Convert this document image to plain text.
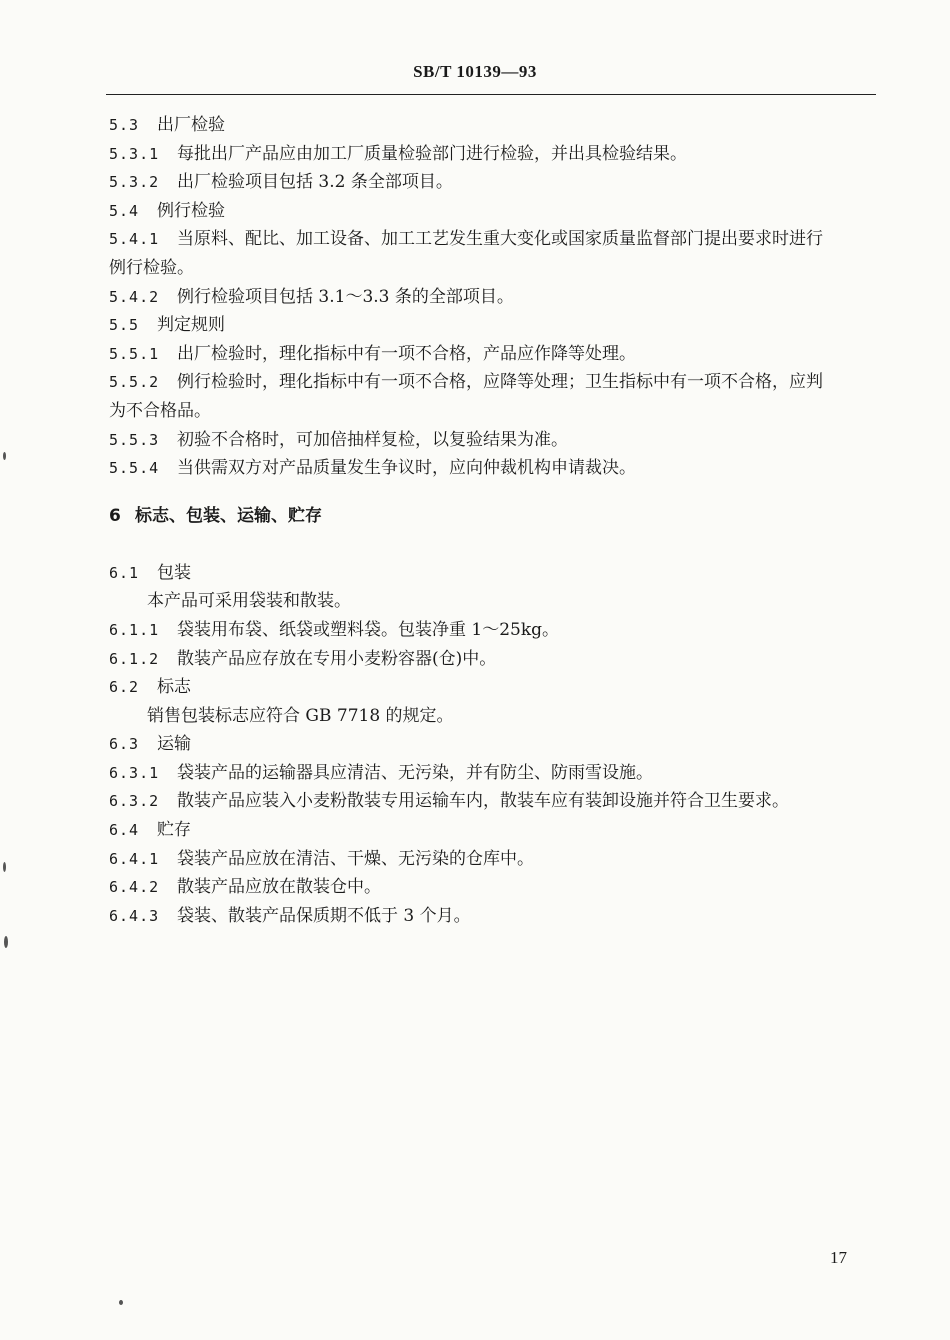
SB/T 10139—93
5.3 出厂检验
5.3.1 每批出厂产品应由加工厂质量检验部门进行检验，并出具检验结果。
5.3.2 出厂检验项目包括 3.2 条全部项目。
5.4 例行检验
5.4.1 当原料、配比、加工设备、加工工艺发生重大变化或国家质量监督部门提出要求时进行
例行检验。
5.4.2 例行检验项目包括 3.1～3.3 条的全部项目。
5.5 判定规则
5.5.1 出厂检验时，理化指标中有一项不合格，产品应作降等处理。
5.5.2 例行检验时，理化指标中有一项不合格，应降等处理；卫生指标中有一项不合格，应判
为不合格品。
5.5.3 初验不合格时，可加倍抽样复检，以复验结果为准。
5.5.4 当供需双方对产品质量发生争议时，应向仲裁机构申请裁决。
6 标志、包装、运输、贮存
6.1 包装
本产品可采用袋装和散装。
6.1.1 袋装用布袋、纸袋或塑料袋。包装净重 1～25kg。
6.1.2 散装产品应存放在专用小麦粉容器(仓)中。
6.2 标志
销售包装标志应符合 GB 7718 的规定。
6.3 运输
6.3.1 袋装产品的运输器具应清洁、无污染，并有防尘、防雨雪设施。
6.3.2 散装产品应装入小麦粉散装专用运输车内，散装车应有装卸设施并符合卫生要求。
6.4 贮存
6.4.1 袋装产品应放在清洁、干燥、无污染的仓库中。
6.4.2 散装产品应放在散装仓中。
6.4.3 袋装、散装产品保质期不低于 3 个月。
17
